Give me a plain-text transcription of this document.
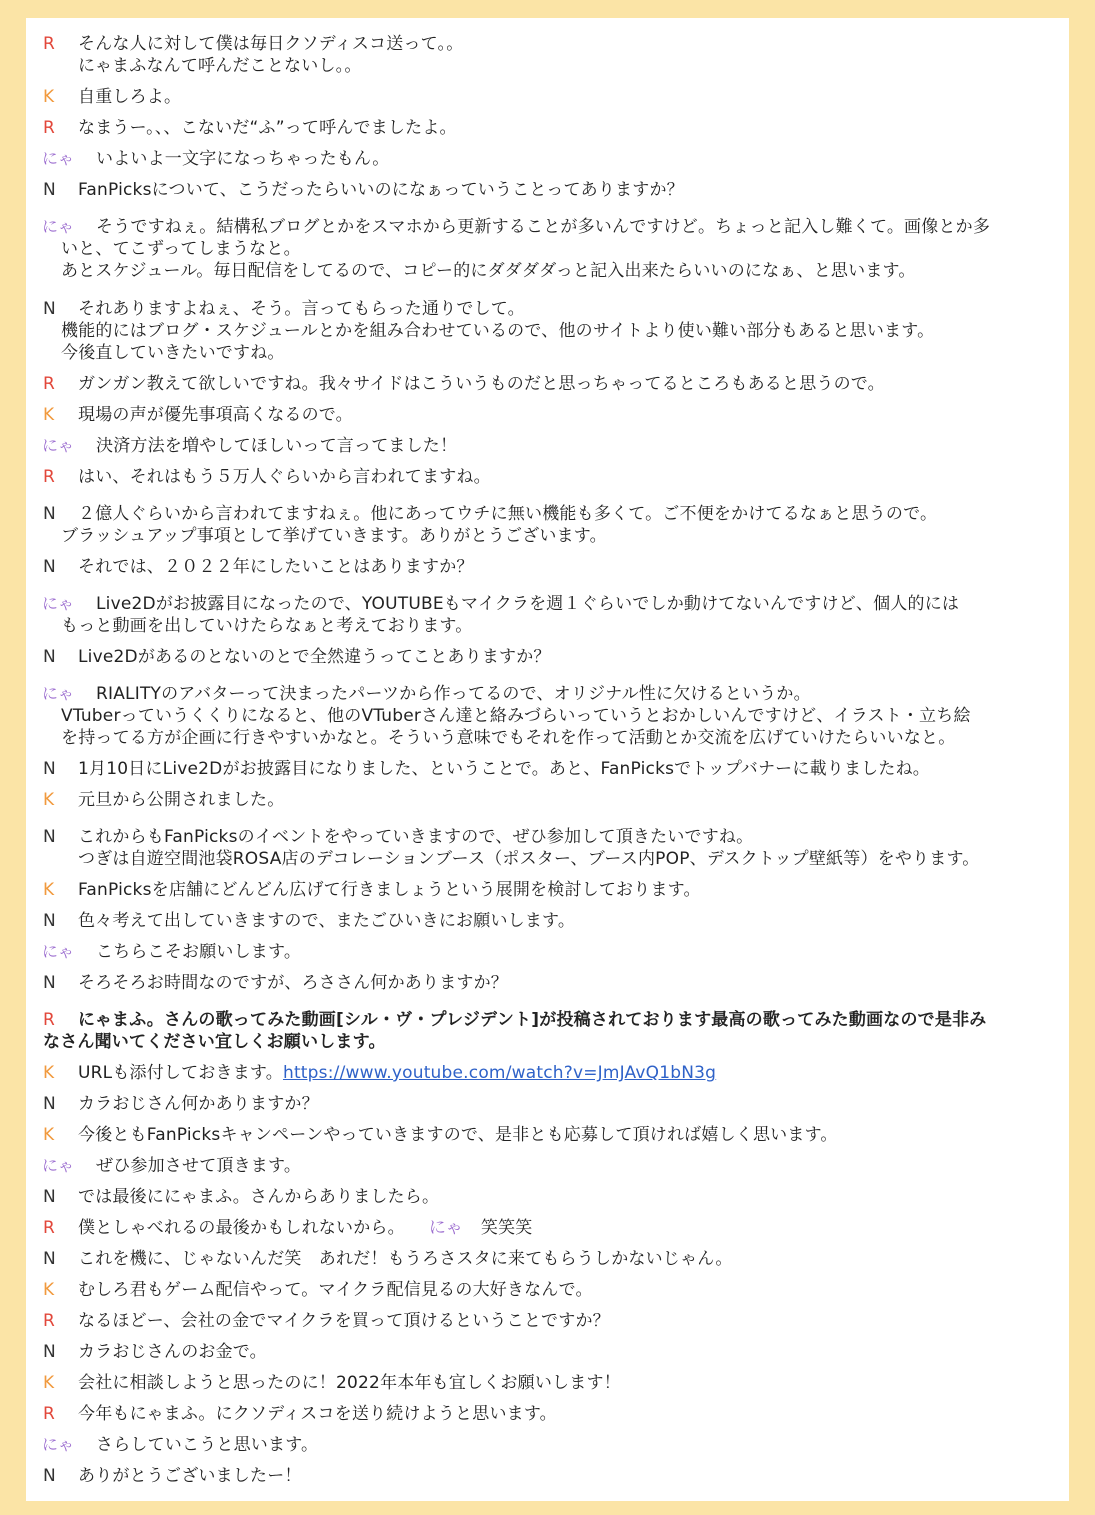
R そんな人に対して僕は毎日クソディスコ送って。。
にゃまふなんて呼んだことないし。。
K 自重しろよ。
R なまうー。、、こないだ“ふ”って呼んでましたよ。
にゃ いよいよ一文字になっちゃったもん。
N FanPicksについて、こうだったらいいのになぁっていうことってありますか？
にゃ そうですねぇ。結構私ブログとかをスマホから更新することが多いんですけど。ちょっと記入し難くて。画像とか多
いと、てこずってしまうなと。
あとスケジュール。毎日配信をしてるので、コピー的にダダダダっと記入出来たらいいのになぁ、と思います。
N それありますよねぇ、そう。言ってもらった通りでして。
機能的にはブログ・スケジュールとかを組み合わせているので、他のサイトより使い難い部分もあると思います。
今後直していきたいですね。
R ガンガン教えて欲しいですね。我々サイドはこういうものだと思っちゃってるところもあると思うので。
K 現場の声が優先事項高くなるので。
にゃ 決済方法を増やしてほしいって言ってました！
R はい、それはもう５万人ぐらいから言われてますね。
N ２億人ぐらいから言われてますねぇ。他にあってウチに無い機能も多くて。ご不便をかけてるなぁと思うので。
ブラッシュアップ事項として挙げていきます。ありがとうございます。
N それでは、２０２２年にしたいことはありますか？
にゃ Live2Dがお披露目になったので、YOUTUBEもマイクラを週１ぐらいでしか動けてないんですけど、個人的には
もっと動画を出していけたらなぁと考えております。
N Live2Dがあるのとないのとで全然違うってことありますか？
にゃ RIALITYのアバターって決まったパーツから作ってるので、オリジナル性に欠けるというか。
VTuberっていうくくりになると、他のVTuberさん達と絡みづらいっていうとおかしいんですけど、イラスト・立ち絵
を持ってる方が企画に行きやすいかなと。そういう意味でもそれを作って活動とか交流を広げていけたらいいなと。
N 1月10日にLive2Dがお披露目になりました、ということで。あと、FanPicksでトップバナーに載りましたね。
K 元旦から公開されました。
N これからもFanPicksのイベントをやっていきますので、ぜひ参加して頂きたいですね。
つぎは自遊空間池袋ROSA店のデコレーションブース（ポスター、ブース内POP、デスクトップ壁紙等）をやります。
K FanPicksを店舗にどんどん広げて行きましょうという展開を検討しております。
N 色々考えて出していきますので、またごひいきにお願いします。
にゃ こちらこそお願いします。
N そろそろお時間なのですが、ろささん何かありますか？
R にゃまふ。さんの歌ってみた動画[シル・ヴ・プレジデント]が投稿されております最高の歌ってみた動画なので是非み
なさん聞いてください宜しくお願いします。
K URLも添付しておきます。https://www.youtube.com/watch?v=JmJAvQ1bN3g
N カラおじさん何かありますか？
K 今後ともFanPicksキャンペーンやっていきますので、是非とも応募して頂ければ嬉しく思います。
にゃ ぜひ参加させて頂きます。
N では最後ににゃまふ。さんからありましたら。
R 僕としゃべれるの最後かもしれないから。 にゃ 笑笑笑
N これを機に、じゃないんだ笑　あれだ！もうろさスタに来てもらうしかないじゃん。
K むしろ君もゲーム配信やって。マイクラ配信見るの大好きなんで。
R なるほどー、会社の金でマイクラを買って頂けるということですか？
N カラおじさんのお金で。
K 会社に相談しようと思ったのに！2022年本年も宜しくお願いします！
R 今年もにゃまふ。にクソディスコを送り続けようと思います。
にゃ さらしていこうと思います。
N ありがとうございましたー！
